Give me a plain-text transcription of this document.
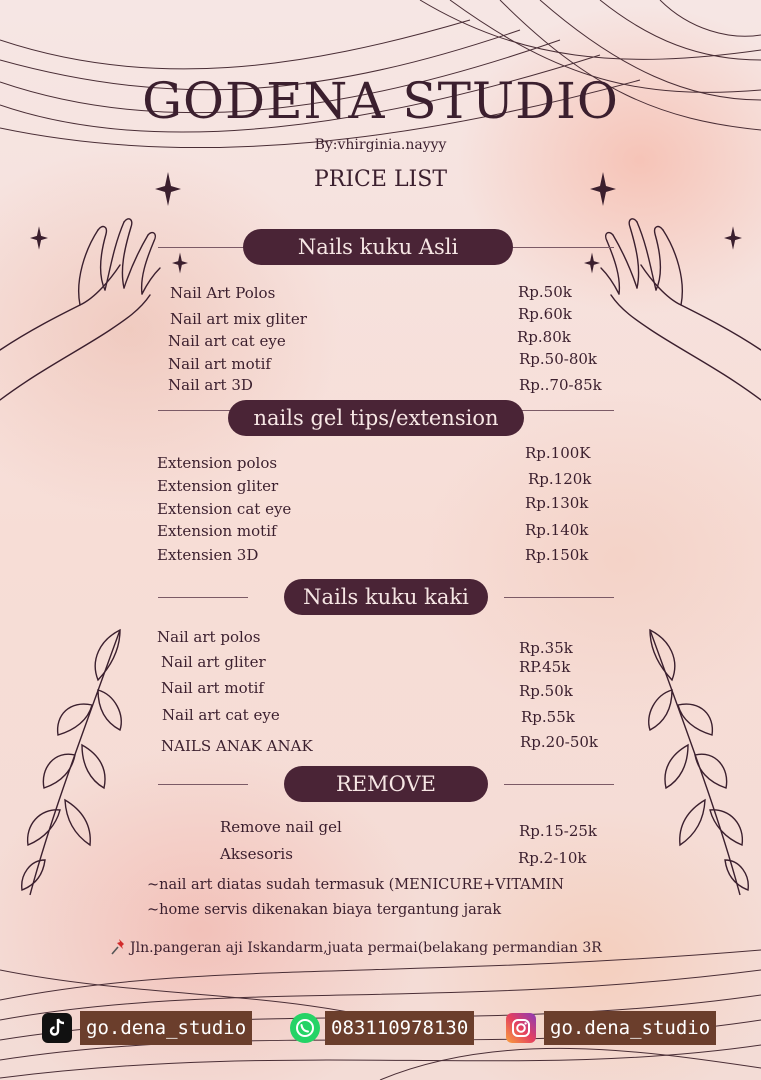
GODENA STUDIO
By:vhirginia.nayyy
PRICE LIST
Nails kuku Asli
Nail Art Polos
Nail art mix gliter
Nail art cat eye
Nail art motif
Nail art 3D
Rp.50k
Rp.60k
Rp.80k
Rp.50-80k
Rp..70-85k
nails gel tips/extension
Extension polos
Extension gliter
Extension cat eye
Extension motif
Extensien 3D
Rp.100K
Rp.120k
Rp.130k
Rp.140k
Rp.150k
Nails kuku kaki
Nail art polos
Nail art gliter
Nail art motif
Nail art cat eye
NAILS ANAK ANAK
Rp.35k
RP.45k
Rp.50k
Rp.55k
Rp.20-50k
REMOVE
Remove nail gel
Aksesoris
Rp.15-25k
Rp.2-10k
~nail art diatas sudah termasuk (MENICURE+VITAMIN
~home servis dikenakan biaya tergantung jarak
Jln.pangeran aji Iskandarm,juata permai(belakang permandian 3R
go.dena_studio	083110978130	go.dena_studio
